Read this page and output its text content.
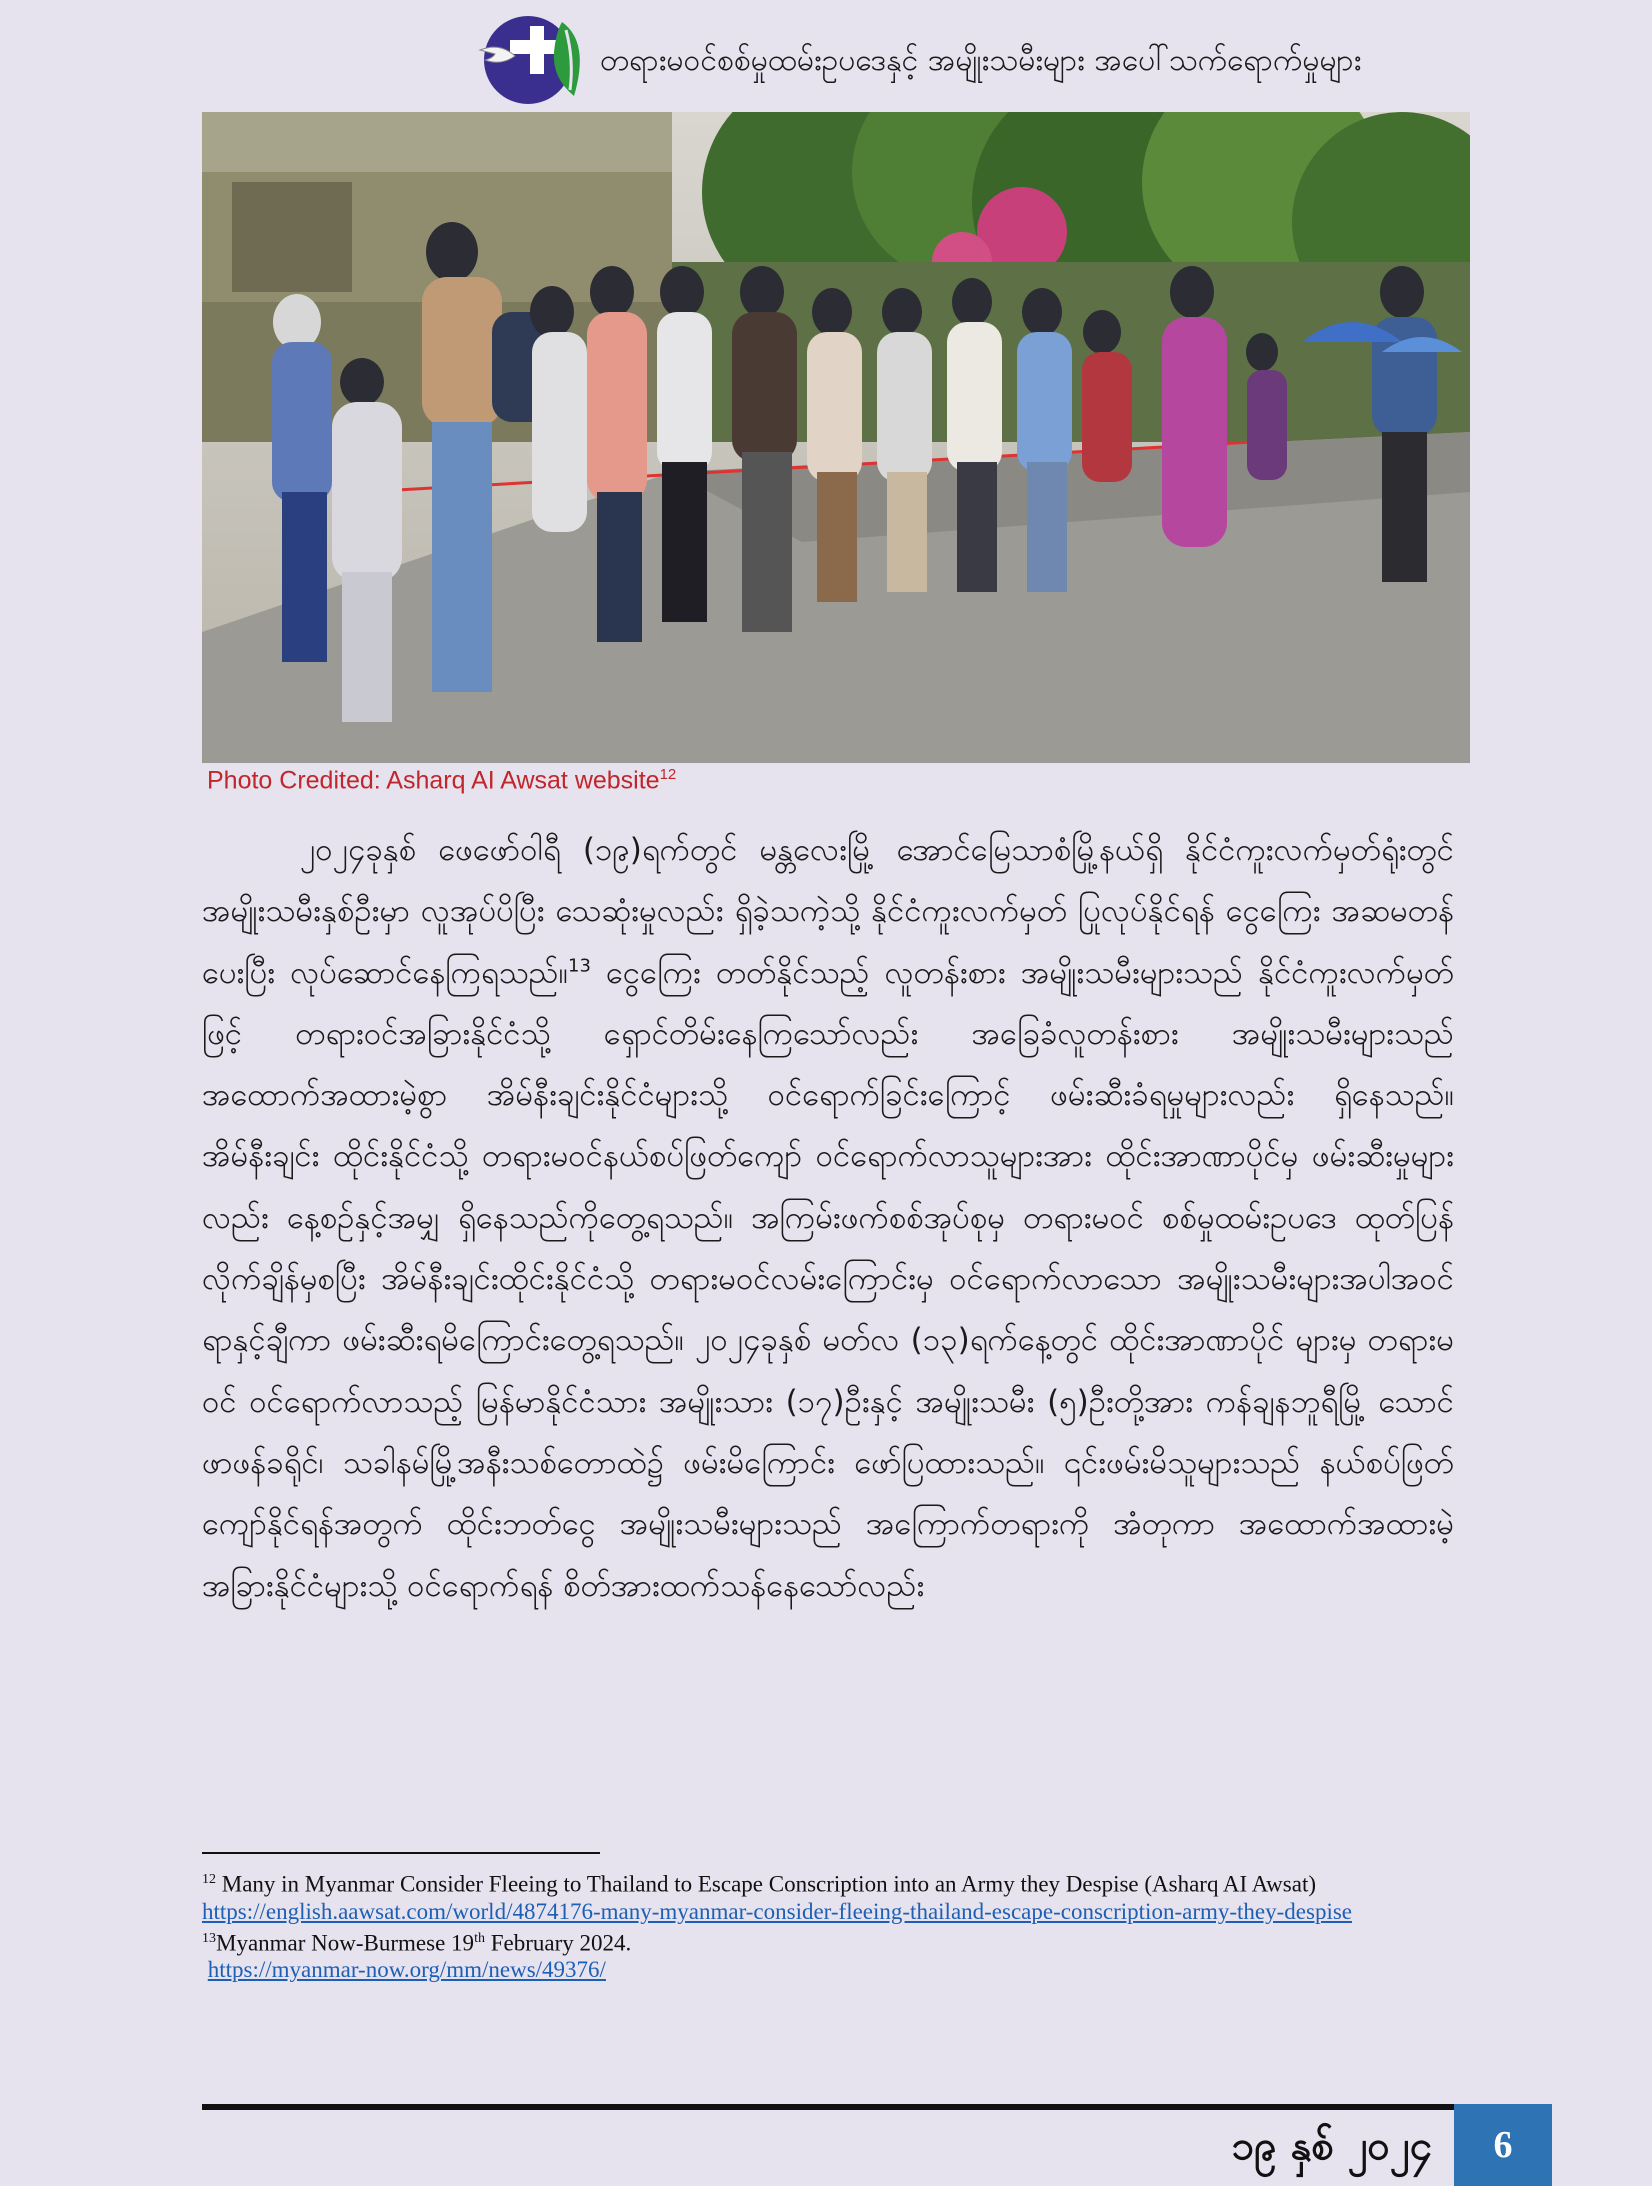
တရားမဝင်စစ်မှုထမ်းဥပဒေနှင့် အမျိုးသမီးများ အပေါ်သက်ရောက်မှုများ
Photo Credited: Asharq AI Awsat website$^{12}$

၂၀၂၄ခုနှစ် ဖေဖော်ဝါရီ (၁၉)ရက်တွင် မန္တလေးမြို့ အောင်မြေသာစံမြို့နယ်ရှိ နိုင်ငံကူးလက်မှတ်ရုံးတွင် အမျိုးသမီးနှစ်ဦးမှာ လူအုပ်ပိပြီး သေဆုံးမှုလည်း ရှိခဲ့သကဲ့သို့ နိုင်ငံကူးလက်မှတ် ပြုလုပ်နိုင်ရန် ငွေကြေး အဆမတန်ပေးပြီး လုပ်ဆောင်နေကြရသည်။$^{13}$ ငွေကြေး တတ်နိုင်သည့် လူတန်းစား အမျိုးသမီးများသည် နိုင်ငံကူးလက်မှတ်ဖြင့် တရားဝင်အခြားနိုင်ငံသို့ ရှောင်တိမ်းနေကြသော်လည်း အခြေခံလူတန်းစား အမျိုးသမီးများသည် အထောက်အထားမဲ့စွာ အိမ်နီးချင်းနိုင်ငံများသို့ ဝင်ရောက်ခြင်းကြောင့် ဖမ်းဆီးခံရမှုများလည်း ရှိနေသည်။ အိမ်နီးချင်း ထိုင်းနိုင်ငံသို့ တရားမဝင်နယ်စပ်ဖြတ်ကျော် ဝင်ရောက်လာသူများအား ထိုင်းအာဏာပိုင်မှ ဖမ်းဆီးမှုများလည်း နေ့စဉ်နှင့်အမျှ ရှိနေသည်ကိုတွေ့ရသည်။ အကြမ်းဖက်စစ်အုပ်စုမှ တရားမဝင် စစ်မှုထမ်းဥပဒေ ထုတ်ပြန်လိုက်ချိန်မှစပြီး အိမ်နီးချင်းထိုင်းနိုင်ငံသို့ တရားမဝင်လမ်းကြောင်းမှ ဝင်ရောက်လာသော အမျိုးသမီးများအပါအဝင် ရာနှင့်ချီကာ ဖမ်းဆီးရမိကြောင်းတွေ့ရသည်။ ၂၀၂၄ခုနှစ် မတ်လ (၁၃)ရက်နေ့တွင် ထိုင်းအာဏာပိုင် များမှ တရားမဝင် ဝင်ရောက်လာသည့် မြန်မာနိုင်ငံသား အမျိုးသား (၁၇)ဦးနှင့် အမျိုးသမီး (၅)ဦးတို့အား ကန်ချနဘူရီမြို့ သောင်ဖာဖန်ခရိုင်၊ သခါနမ်မြို့အနီးသစ်တောထဲ၌ ဖမ်းမိကြောင်း ဖော်ပြထားသည်။ ၎င်းဖမ်းမိသူများသည် နယ်စပ်ဖြတ်ကျော်နိုင်ရန်အတွက် ထိုင်းဘတ်ငွေ အမျိုးသမီးများသည် အကြောက်တရားကို အံတုကာ အထောက်အထားမဲ့ အခြားနိုင်ငံများသို့ ဝင်ရောက်ရန် စိတ်အားထက်သန်နေသော်လည်း

$^{12}$ Many in Myanmar Consider Fleeing to Thailand to Escape Conscription into an Army they Despise (Asharq AI Awsat)
https://english.aawsat.com/world/4874176-many-myanmar-consider-fleeing-thailand-escape-conscription-army-they-despise
$^{13}$Myanmar Now-Burmese 19th February 2024.
https://myanmar-now.org/mm/news/49376/
၁၉ နှစ် ၂၀၂၄	6
